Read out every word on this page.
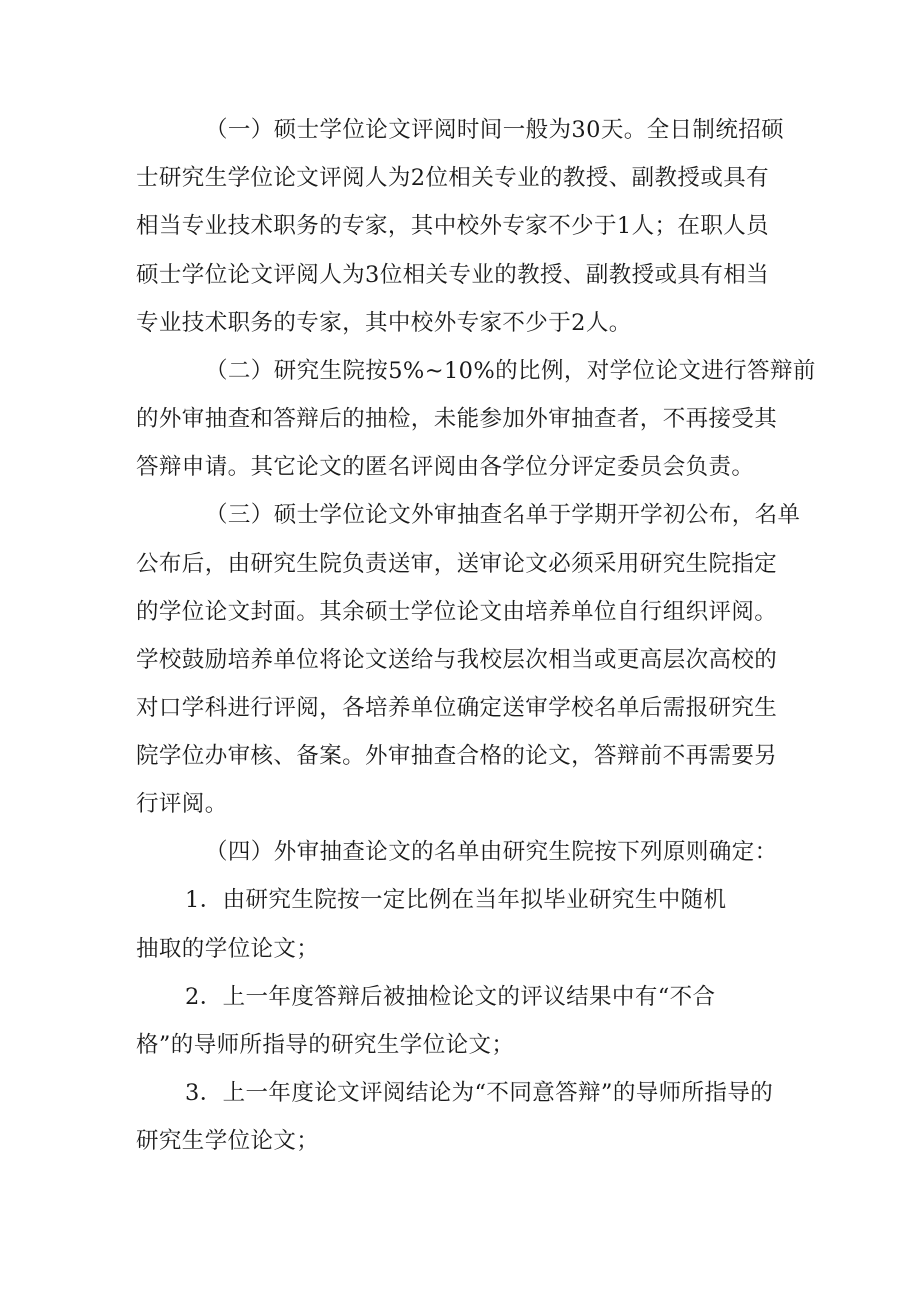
（一）硕士学位论文评阅时间一般为30天。全日制统招硕
士研究生学位论文评阅人为2位相关专业的教授、副教授或具有
相当专业技术职务的专家，其中校外专家不少于1人；在职人员
硕士学位论文评阅人为3位相关专业的教授、副教授或具有相当
专业技术职务的专家，其中校外专家不少于2人。
（二）研究生院按5%~10%的比例，对学位论文进行答辩前
的外审抽查和答辩后的抽检，未能参加外审抽查者，不再接受其
答辩申请。其它论文的匿名评阅由各学位分评定委员会负责。
（三）硕士学位论文外审抽查名单于学期开学初公布，名单
公布后，由研究生院负责送审，送审论文必须采用研究生院指定
的学位论文封面。其余硕士学位论文由培养单位自行组织评阅。
学校鼓励培养单位将论文送给与我校层次相当或更高层次高校的
对口学科进行评阅，各培养单位确定送审学校名单后需报研究生
院学位办审核、备案。外审抽查合格的论文，答辩前不再需要另
行评阅。
（四）外审抽查论文的名单由研究生院按下列原则确定：
1．由研究生院按一定比例在当年拟毕业研究生中随机
抽取的学位论文；
2．上一年度答辩后被抽检论文的评议结果中有“不合
格”的导师所指导的研究生学位论文；
3．上一年度论文评阅结论为“不同意答辩”的导师所指导的
研究生学位论文；
